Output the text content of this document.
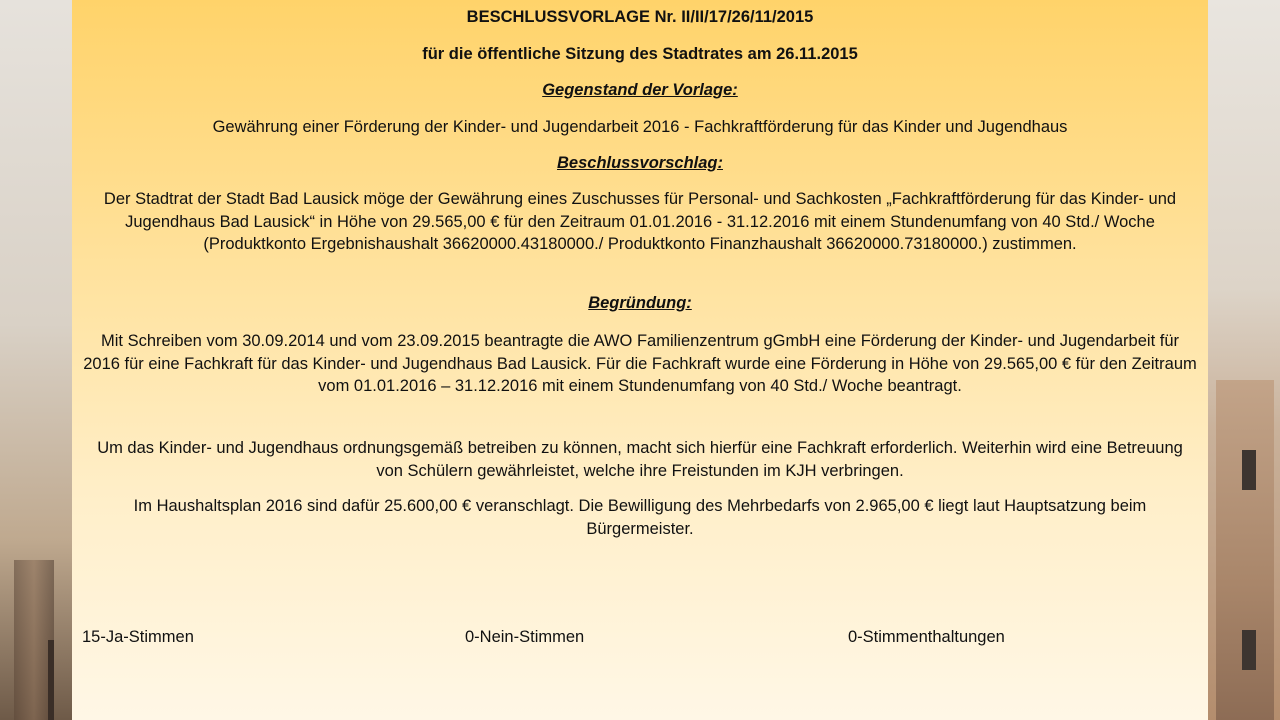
BESCHLUSSVORLAGE Nr. II/II/17/26/11/2015
für die öffentliche Sitzung des Stadtrates am 26.11.2015
Gegenstand der Vorlage:
Gewährung einer Förderung der Kinder- und Jugendarbeit 2016 - Fachkraftförderung für das Kinder und Jugendhaus
Beschlussvorschlag:
Der Stadtrat der Stadt Bad Lausick möge der Gewährung eines Zuschusses für Personal- und Sachkosten „Fachkraftförderung für das Kinder- und Jugendhaus Bad Lausick“ in Höhe von 29.565,00 € für den Zeitraum 01.01.2016 - 31.12.2016 mit einem Stundenumfang von 40 Std./ Woche (Produktkonto Ergebnishaushalt 36620000.43180000./ Produktkonto Finanzhaushalt 36620000.73180000.) zustimmen.
Begründung:
Mit Schreiben vom 30.09.2014 und vom 23.09.2015 beantragte die AWO Familienzentrum gGmbH eine Förderung der Kinder- und Jugendarbeit für 2016 für eine Fachkraft für das Kinder- und Jugendhaus Bad Lausick. Für die Fachkraft wurde eine Förderung in Höhe von 29.565,00 € für den Zeitraum vom 01.01.2016 – 31.12.2016 mit einem Stundenumfang von 40 Std./ Woche beantragt.
Um das Kinder- und Jugendhaus ordnungsgemäß betreiben zu können, macht sich hierfür eine Fachkraft erforderlich. Weiterhin wird eine Betreuung von Schülern gewährleistet, welche ihre Freistunden im KJH verbringen.
Im Haushaltsplan 2016 sind dafür 25.600,00 € veranschlagt. Die Bewilligung des Mehrbedarfs von 2.965,00 € liegt laut Hauptsatzung beim Bürgermeister.
15-Ja-Stimmen	0-Nein-Stimmen	0-Stimmenthaltungen
